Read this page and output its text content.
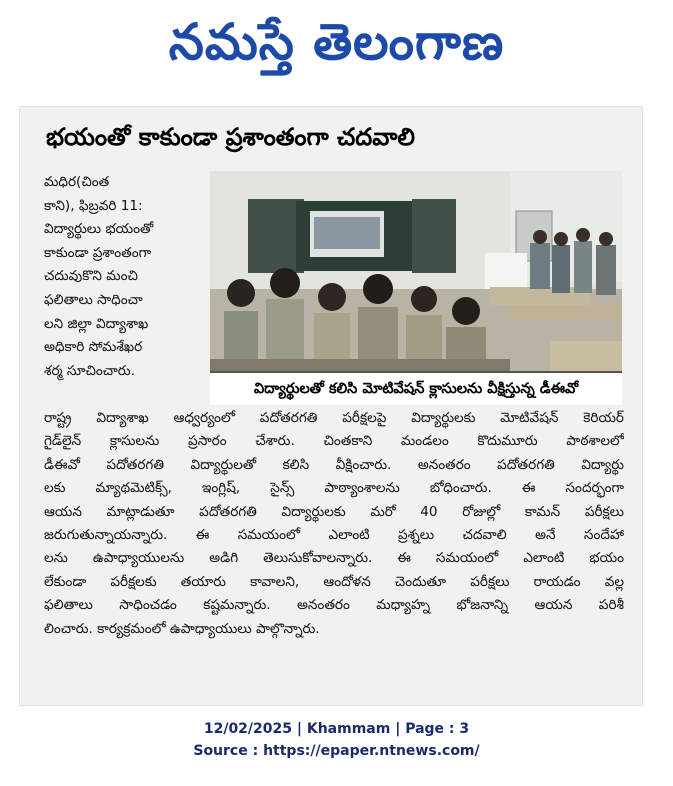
నమస్తే తెలంగాణ
భయంతో కాకుండా ప్రశాంతంగా చదవాలి
మధిర(చింత
కాని), ఫిబ్రవరి 11:
విద్యార్థులు భయంతో
కాకుండా ప్రశాంతంగా
చదువుకొని మంచి
ఫలితాలు సాధించా
లని జిల్లా విద్యాశాఖ
అధికారి సోమశేఖర
శర్మ సూచించారు.
విద్యార్థులతో కలిసి మోటివేషన్ క్లాసులను వీక్షిస్తున్న డీఈవో
రాష్ట్ర విద్యాశాఖ ఆధ్వర్యంలో పదోతరగతి పరీక్షలపై విద్యార్థులకు మోటివేషన్ కెరియర్
గైడ్‌లైన్ క్లాసులను ప్రసారం చేశారు. చింతకాని మండలం కొదుమూరు పాఠశాలలో
డీఈవో పదోతరగతి విద్యార్థులతో కలిసి వీక్షించారు. అనంతరం పదోతరగతి విద్యార్థు
లకు మ్యాథమెటిక్స్, ఇంగ్లిష్, సైన్స్ పాఠ్యాంశాలను బోధించారు. ఈ సందర్భంగా
ఆయన మాట్లాడుతూ పదోతరగతి విద్యార్థులకు మరో 40 రోజుల్లో కామన్ పరీక్షలు
జరుగుతున్నాయన్నారు. ఈ సమయంలో ఎలాంటి ప్రశ్నలు చదవాలి అనే సందేహా
లను ఉపాధ్యాయులను అడిగి తెలుసుకోవాలన్నారు. ఈ సమయంలో ఎలాంటి భయం
లేకుండా పరీక్షలకు తయారు కావాలని, ఆందోళన చెందుతూ పరీక్షలు రాయడం వల్ల
ఫలితాలు సాధించడం కష్టమన్నారు. అనంతరం మధ్యాహ్న భోజనాన్ని ఆయన పరిశీ
లించారు. కార్యక్రమంలో ఉపాధ్యాయులు పాల్గొన్నారు.
12/02/2025 | Khammam | Page : 3
Source : https://epaper.ntnews.com/
